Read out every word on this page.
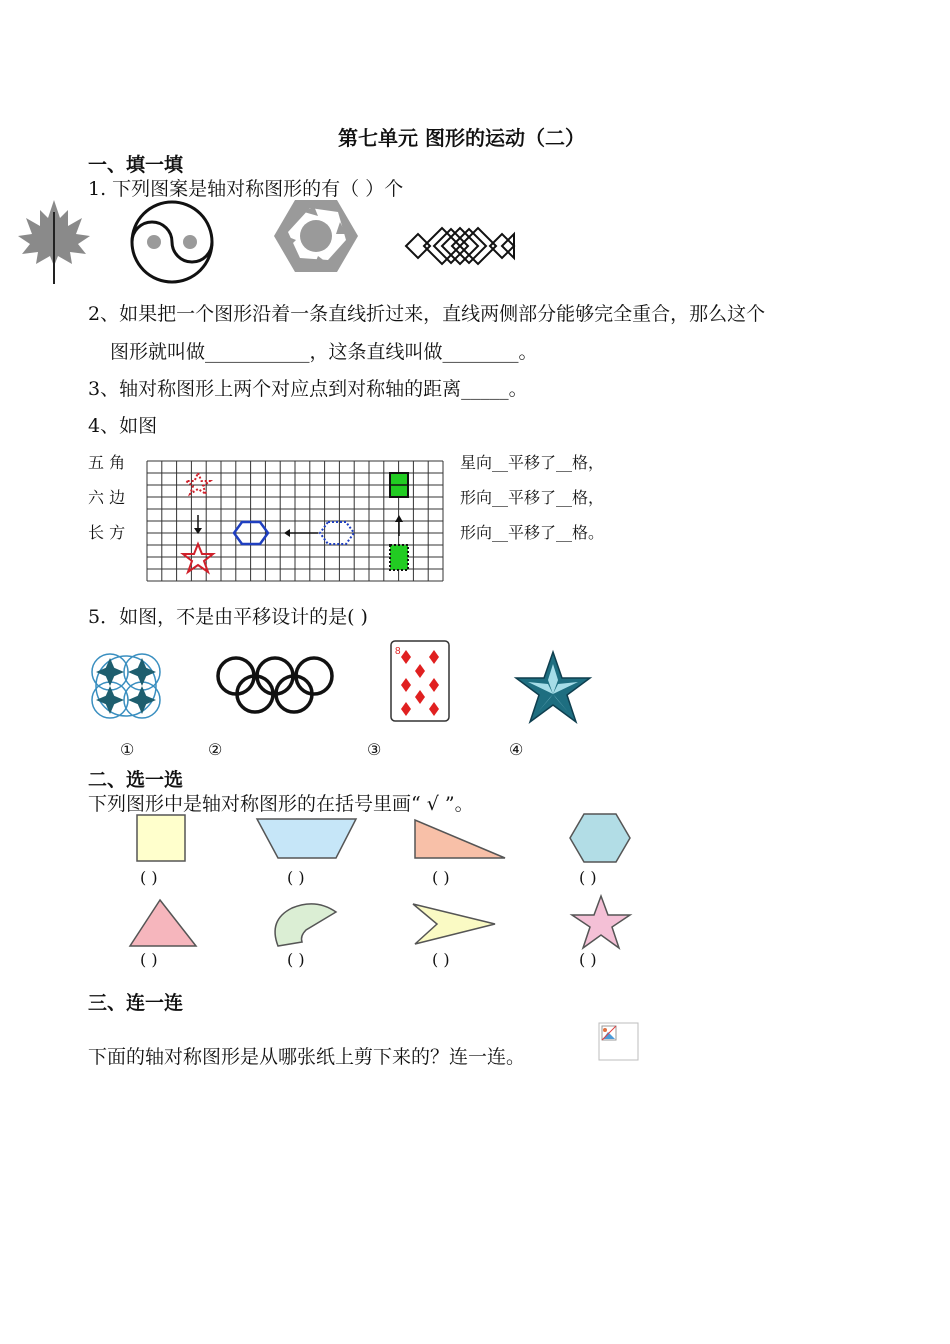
第七单元 图形的运动（二）
一、填一填
1. 下列图案是轴对称图形的有（ ）个
2、如果把一个图形沿着一条直线折过来，直线两侧部分能够完全重合，那么这个
图形就叫做___________，这条直线叫做________。
3、轴对称图形上两个对应点到对称轴的距离_____。
4、如图
五 角
六 边
长 方
星向__平移了__格，
形向__平移了__格，
形向__平移了__格。
5．如图，不是由平移设计的是( )
8
①	②	③	④
二、选一选
下列图形中是轴对称图形的在括号里画“ √ ”。
( )	( )	( )	( )
( )	( )	( )	( )
三、连一连
下面的轴对称图形是从哪张纸上剪下来的？连一连。
